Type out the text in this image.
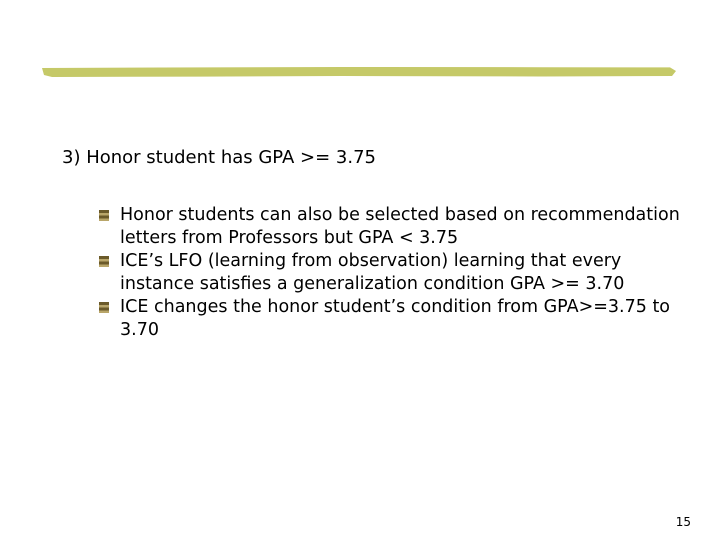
3) Honor student has GPA >= 3.75
Honor students can also be selected based on recommendation letters from Professors but GPA < 3.75
ICE’s LFO (learning from observation) learning that every instance satisfies a generalization condition GPA >= 3.70
ICE changes the honor student’s condition from GPA>=3.75 to 3.70
15
